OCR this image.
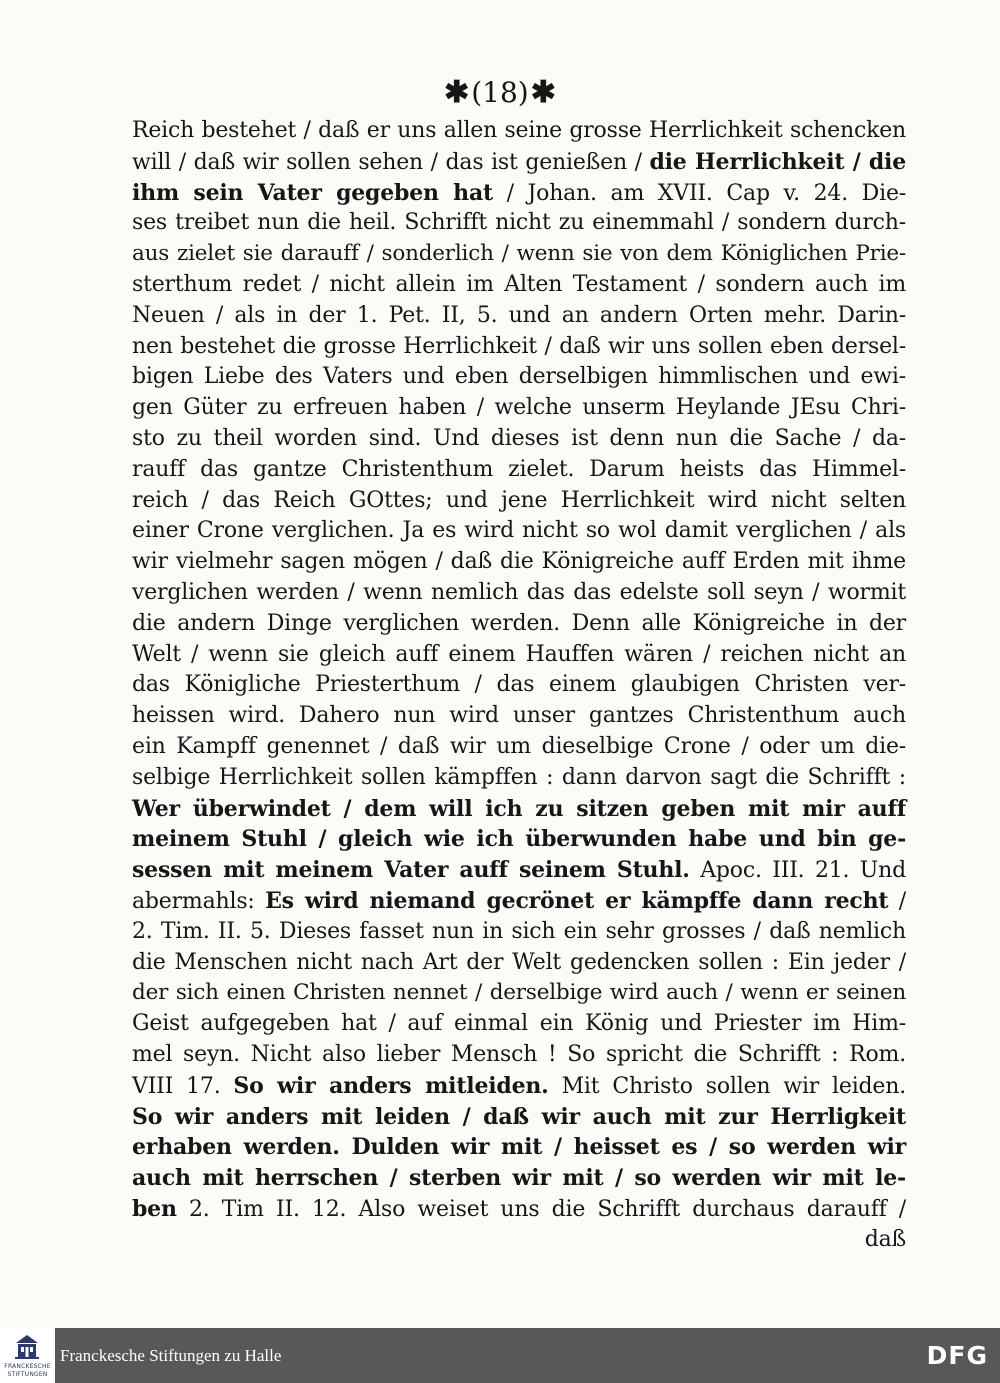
✱(18)✱
Reich bestehet / daß er uns allen seine grosse Herrlichkeit schencken
will / daß wir sollen sehen / das ist genießen / die Herrlichkeit / die
ihm sein Vater gegeben hat / Johan. am XVII. Cap v. 24. Die-
ses treibet nun die heil. Schrifft nicht zu einemmahl / sondern durch-
aus zielet sie darauff / sonderlich / wenn sie von dem Königlichen Prie-
sterthum redet / nicht allein im Alten Testament / sondern auch im
Neuen / als in der 1. Pet. II, 5. und an andern Orten mehr. Darin-
nen bestehet die grosse Herrlichkeit / daß wir uns sollen eben dersel-
bigen Liebe des Vaters und eben derselbigen himmlischen und ewi-
gen Güter zu erfreuen haben / welche unserm Heylande JEsu Chri-
sto zu theil worden sind. Und dieses ist denn nun die Sache / da-
rauff das gantze Christenthum zielet. Darum heists das Himmel-
reich / das Reich GOttes; und jene Herrlichkeit wird nicht selten
einer Crone verglichen. Ja es wird nicht so wol damit verglichen / als
wir vielmehr sagen mögen / daß die Königreiche auff Erden mit ihme
verglichen werden / wenn nemlich das das edelste soll seyn / wormit
die andern Dinge verglichen werden. Denn alle Königreiche in der
Welt / wenn sie gleich auff einem Hauffen wären / reichen nicht an
das Königliche Priesterthum / das einem glaubigen Christen ver-
heissen wird. Dahero nun wird unser gantzes Christenthum auch
ein Kampff genennet / daß wir um dieselbige Crone / oder um die-
selbige Herrlichkeit sollen kämpffen : dann darvon sagt die Schrifft :
Wer überwindet / dem will ich zu sitzen geben mit mir auff
meinem Stuhl / gleich wie ich überwunden habe und bin ge-
sessen mit meinem Vater auff seinem Stuhl. Apoc. III. 21. Und
abermahls: Es wird niemand gecrönet er kämpffe dann recht /
2. Tim. II. 5. Dieses fasset nun in sich ein sehr grosses / daß nemlich
die Menschen nicht nach Art der Welt gedencken sollen : Ein jeder /
der sich einen Christen nennet / derselbige wird auch / wenn er seinen
Geist aufgegeben hat / auf einmal ein König und Priester im Him-
mel seyn. Nicht also lieber Mensch ! So spricht die Schrifft : Rom.
VIII 17. So wir anders mitleiden. Mit Christo sollen wir leiden.
So wir anders mit leiden / daß wir auch mit zur Herrligkeit
erhaben werden. Dulden wir mit / heisset es / so werden wir
auch mit herrschen / sterben wir mit / so werden wir mit le-
ben 2. Tim II. 12. Also weiset uns die Schrifft durchaus darauff /
daß
FRANCKESCHE
STIFTUNGEN
Franckesche Stiftungen zu Halle	DFG
